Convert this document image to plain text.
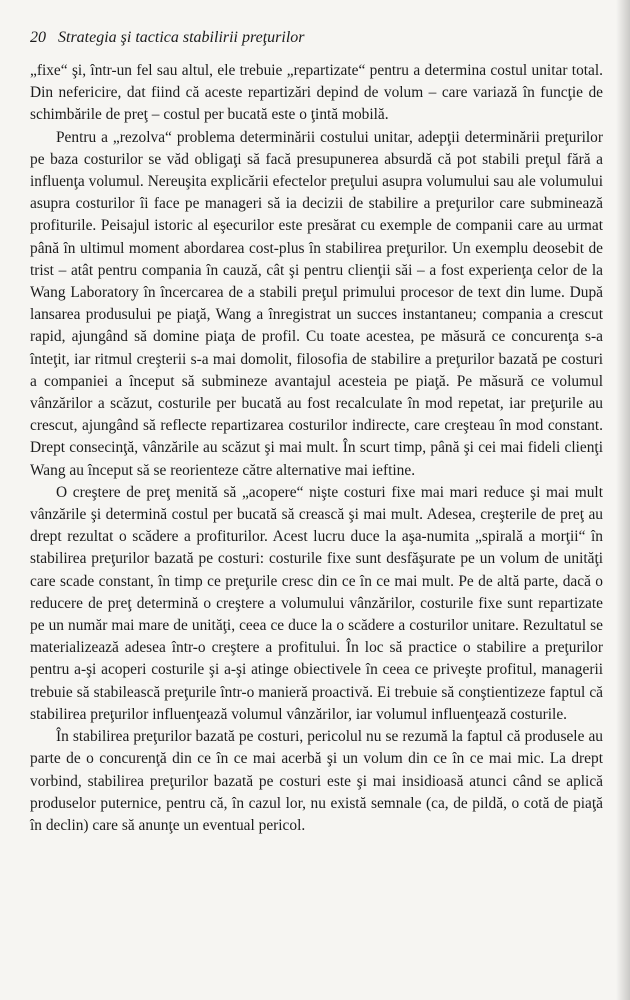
20 Strategia şi tactica stabilirii preţurilor

„fixe“ şi, într-un fel sau altul, ele trebuie „repartizate“ pentru a determina costul unitar total. Din nefericire, dat fiind că aceste repartizări depind de volum – care variază în funcţie de schimbările de preţ – costul per bucată este o ţintă mobilă.

Pentru a „rezolva“ problema determinării costului unitar, adepţii determinării preţurilor pe baza costurilor se văd obligaţi să facă presupunerea absurdă că pot stabili preţul fără a influenţa volumul. Nereuşita explicării efectelor preţului asupra volumului sau ale volumului asupra costurilor îi face pe manageri să ia decizii de stabilire a preţurilor care subminează profiturile. Peisajul istoric al eşecurilor este presărat cu exemple de companii care au urmat până în ultimul moment abordarea cost-plus în stabilirea preţurilor. Un exemplu deosebit de trist – atât pentru compania în cauză, cât şi pentru clienţii săi – a fost experienţa celor de la Wang Laboratory în încercarea de a stabili preţul primului procesor de text din lume. După lansarea produsului pe piaţă, Wang a înregistrat un succes instantaneu; compania a crescut rapid, ajungând să domine piaţa de profil. Cu toate acestea, pe măsură ce concurenţa s-a înteţit, iar ritmul creşterii s-a mai domolit, filosofia de stabilire a preţurilor bazată pe costuri a companiei a început să submineze avantajul acesteia pe piaţă. Pe măsură ce volumul vânzărilor a scăzut, costurile per bucată au fost recalculate în mod repetat, iar preţurile au crescut, ajungând să reflecte repartizarea costurilor indirecte, care creşteau în mod constant. Drept consecinţă, vânzările au scăzut şi mai mult. În scurt timp, până şi cei mai fideli clienţi Wang au început să se reorienteze către alternative mai ieftine.

O creştere de preţ menită să „acopere“ nişte costuri fixe mai mari reduce şi mai mult vânzările şi determină costul per bucată să crească şi mai mult. Adesea, creşterile de preţ au drept rezultat o scădere a profiturilor. Acest lucru duce la aşa-numita „spirală a morţii“ în stabilirea preţurilor bazată pe costuri: costurile fixe sunt desfăşurate pe un volum de unităţi care scade constant, în timp ce preţurile cresc din ce în ce mai mult. Pe de altă parte, dacă o reducere de preţ determină o creştere a volumului vânzărilor, costurile fixe sunt repartizate pe un număr mai mare de unităţi, ceea ce duce la o scădere a costurilor unitare. Rezultatul se materializează adesea într-o creştere a profitului. În loc să practice o stabilire a preţurilor pentru a-şi acoperi costurile şi a-şi atinge obiectivele în ceea ce priveşte profitul, managerii trebuie să stabilească preţurile într-o manieră proactivă. Ei trebuie să conştientizeze faptul că stabilirea preţurilor influenţează volumul vânzărilor, iar volumul influenţează costurile.

În stabilirea preţurilor bazată pe costuri, pericolul nu se rezumă la faptul că produsele au parte de o concurenţă din ce în ce mai acerbă şi un volum din ce în ce mai mic. La drept vorbind, stabilirea preţurilor bazată pe costuri este şi mai insidioasă atunci când se aplică produselor puternice, pentru că, în cazul lor, nu există semnale (ca, de pildă, o cotă de piaţă în declin) care să anunţe un eventual pericol.
